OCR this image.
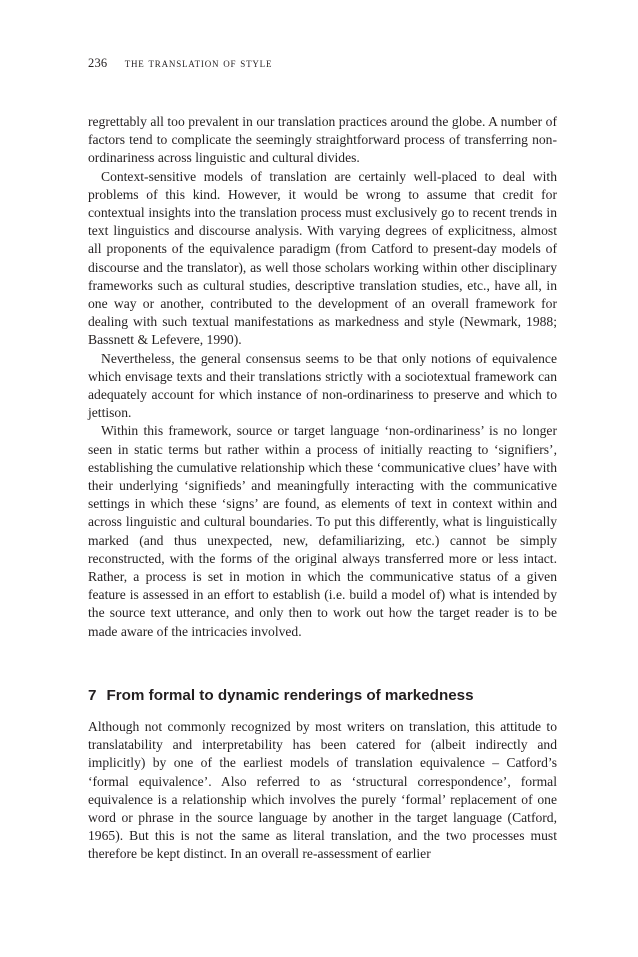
236 the translation of style

regrettably all too prevalent in our translation practices around the globe. A number of factors tend to complicate the seemingly straightforward process of transferring non-ordinariness across linguistic and cultural divides.

Context-sensitive models of translation are certainly well-placed to deal with problems of this kind. However, it would be wrong to assume that credit for contextual insights into the translation process must exclusively go to recent trends in text linguistics and discourse analysis. With varying degrees of explicitness, almost all proponents of the equivalence paradigm (from Catford to present-day models of discourse and the translator), as well those scholars working within other disciplinary frameworks such as cultural studies, descriptive translation studies, etc., have all, in one way or another, contributed to the development of an overall framework for dealing with such textual manifestations as markedness and style (Newmark, 1988; Bassnett & Lefevere, 1990).

Nevertheless, the general consensus seems to be that only notions of equivalence which envisage texts and their translations strictly with a sociotextual framework can adequately account for which instance of non-ordinariness to preserve and which to jettison.

Within this framework, source or target language ‘non-ordinariness’ is no longer seen in static terms but rather within a process of initially reacting to ‘signifiers’, establishing the cumulative relationship which these ‘communicative clues’ have with their underlying ‘signifieds’ and meaningfully interacting with the communicative settings in which these ‘signs’ are found, as elements of text in context within and across linguistic and cultural boundaries. To put this differently, what is linguistically marked (and thus unexpected, new, defamiliarizing, etc.) cannot be simply reconstructed, with the forms of the original always transferred more or less intact. Rather, a process is set in motion in which the communicative status of a given feature is assessed in an effort to establish (i.e. build a model of) what is intended by the source text utterance, and only then to work out how the target reader is to be made aware of the intricacies involved.

7 From formal to dynamic renderings of markedness

Although not commonly recognized by most writers on translation, this attitude to translatability and interpretability has been catered for (albeit indirectly and implicitly) by one of the earliest models of translation equivalence – Catford’s ‘formal equivalence’. Also referred to as ‘structural correspondence’, formal equivalence is a relationship which involves the purely ‘formal’ replacement of one word or phrase in the source language by another in the target language (Catford, 1965). But this is not the same as literal translation, and the two processes must therefore be kept distinct. In an overall re-assessment of earlier
